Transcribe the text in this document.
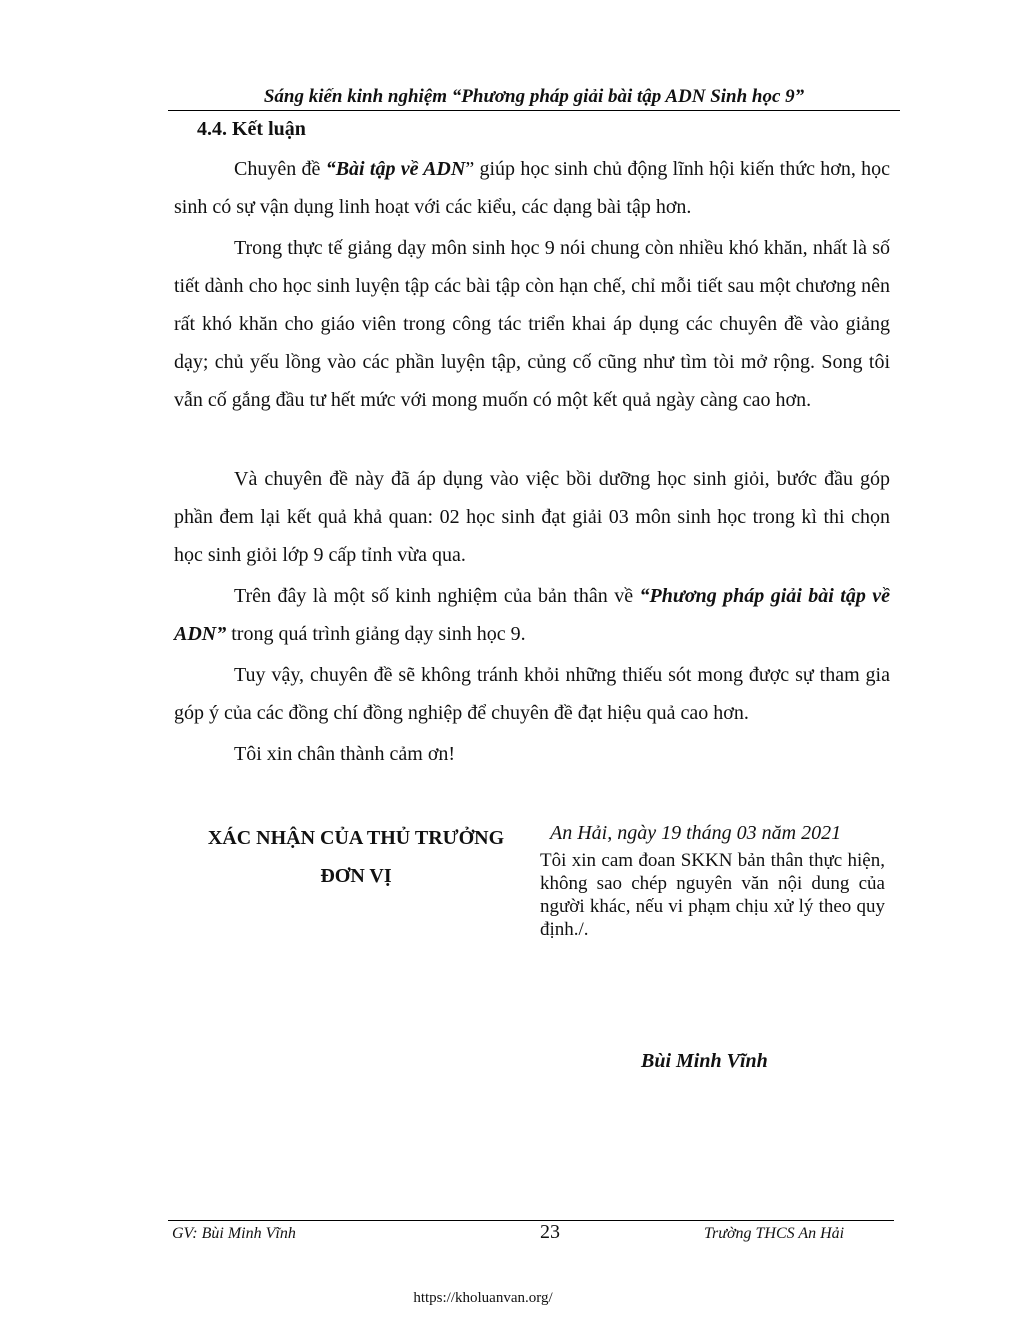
Sáng kiến kinh nghiệm “Phương pháp giải bài tập ADN Sinh học 9”
4.4. Kết luận

Chuyên đề “Bài tập về ADN” giúp học sinh chủ động lĩnh hội kiến thức hơn, học sinh có sự vận dụng linh hoạt với các kiểu, các dạng bài tập hơn.

Trong thực tế giảng dạy môn sinh học 9 nói chung còn nhiều khó khăn, nhất là số tiết dành cho học sinh luyện tập các bài tập còn hạn chế, chỉ mỗi tiết sau một chương nên rất khó khăn cho giáo viên trong công tác triển khai áp dụng các chuyên đề vào giảng dạy; chủ yếu lồng vào các phần luyện tập, củng cố cũng như tìm tòi mở rộng. Song tôi vẫn cố gắng đầu tư hết mức với mong muốn có một kết quả ngày càng cao hơn.

Và chuyên đề này đã áp dụng vào việc bồi dưỡng học sinh giỏi, bước đầu góp phần đem lại kết quả khả quan: 02 học sinh đạt giải 03 môn sinh học trong kì thi chọn học sinh giỏi lớp 9 cấp tỉnh vừa qua.

Trên đây là một số kinh nghiệm của bản thân về “Phương pháp giải bài tập về ADN” trong quá trình giảng dạy sinh học 9.

Tuy vậy, chuyên đề sẽ không tránh khỏi những thiếu sót mong được sự tham gia góp ý của các đồng chí đồng nghiệp để chuyên đề đạt hiệu quả cao hơn.

Tôi xin chân thành cảm ơn!

XÁC NHẬN CỦA THỦ TRƯỞNG
ĐƠN VỊ
An Hải, ngày 19 tháng 03 năm 2021
Tôi xin cam đoan SKKN bản thân thực hiện, không sao chép nguyên văn nội dung của người khác, nếu vi phạm chịu xử lý theo quy định./.
Bùi Minh Vĩnh
GV: Bùi Minh Vĩnh	23	Trường THCS An Hải
https://kholuanvan.org/
